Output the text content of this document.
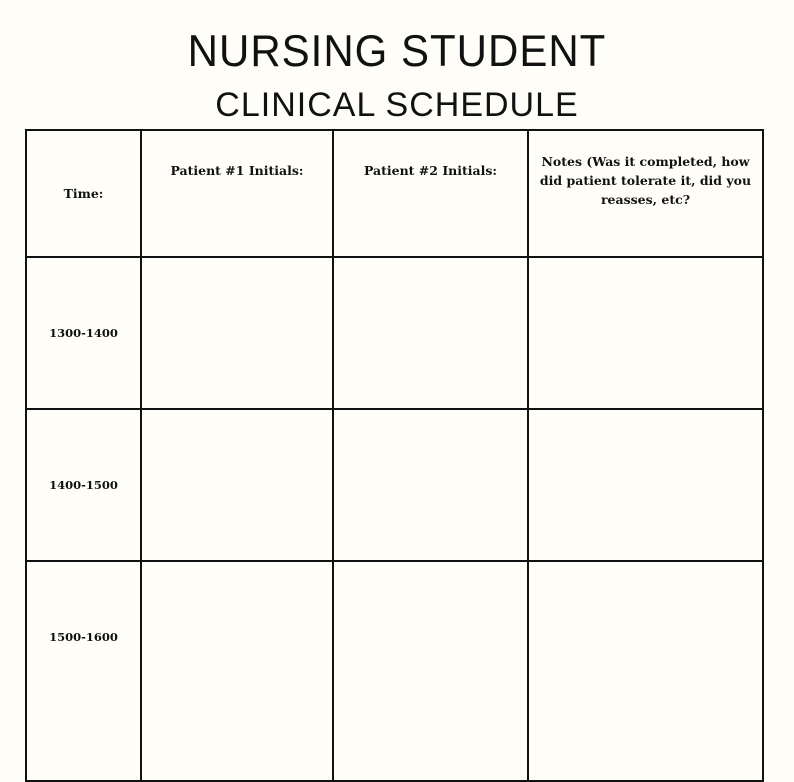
NURSING STUDENT
CLINICAL SCHEDULE
Time:	Patient #1 Initials:	Patient #2 Initials:	Notes (Was it completed, how did patient tolerate it, did you reasses, etc?
1300-1400			
1400-1500			
1500-1600			
